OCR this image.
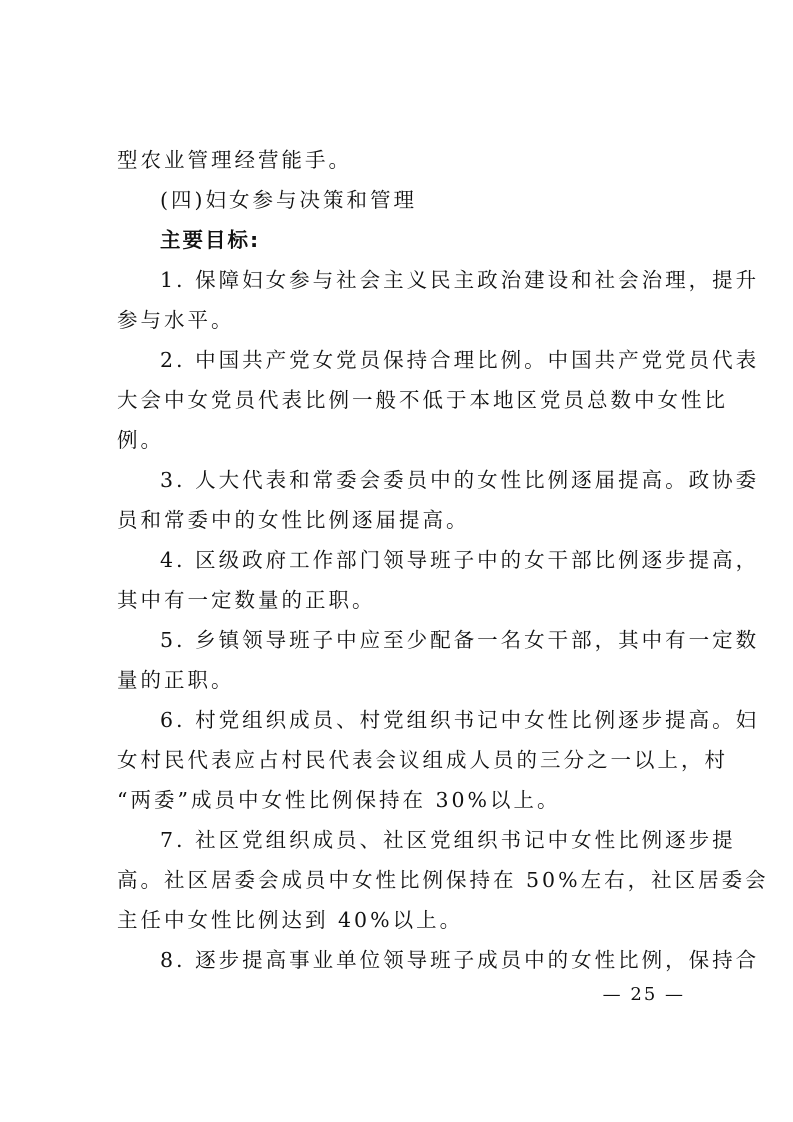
型农业管理经营能手。
(四)妇女参与决策和管理
主要目标:
1. 保障妇女参与社会主义民主政治建设和社会治理，提升
参与水平。
2. 中国共产党女党员保持合理比例。中国共产党党员代表
大会中女党员代表比例一般不低于本地区党员总数中女性比
例。
3. 人大代表和常委会委员中的女性比例逐届提高。政协委
员和常委中的女性比例逐届提高。
4. 区级政府工作部门领导班子中的女干部比例逐步提高，
其中有一定数量的正职。
5. 乡镇领导班子中应至少配备一名女干部，其中有一定数
量的正职。
6. 村党组织成员、村党组织书记中女性比例逐步提高。妇
女村民代表应占村民代表会议组成人员的三分之一以上，村
“两委”成员中女性比例保持在 30%以上。
7. 社区党组织成员、社区党组织书记中女性比例逐步提
高。社区居委会成员中女性比例保持在 50%左右，社区居委会
主任中女性比例达到 40%以上。
8. 逐步提高事业单位领导班子成员中的女性比例，保持合
— 25 —
